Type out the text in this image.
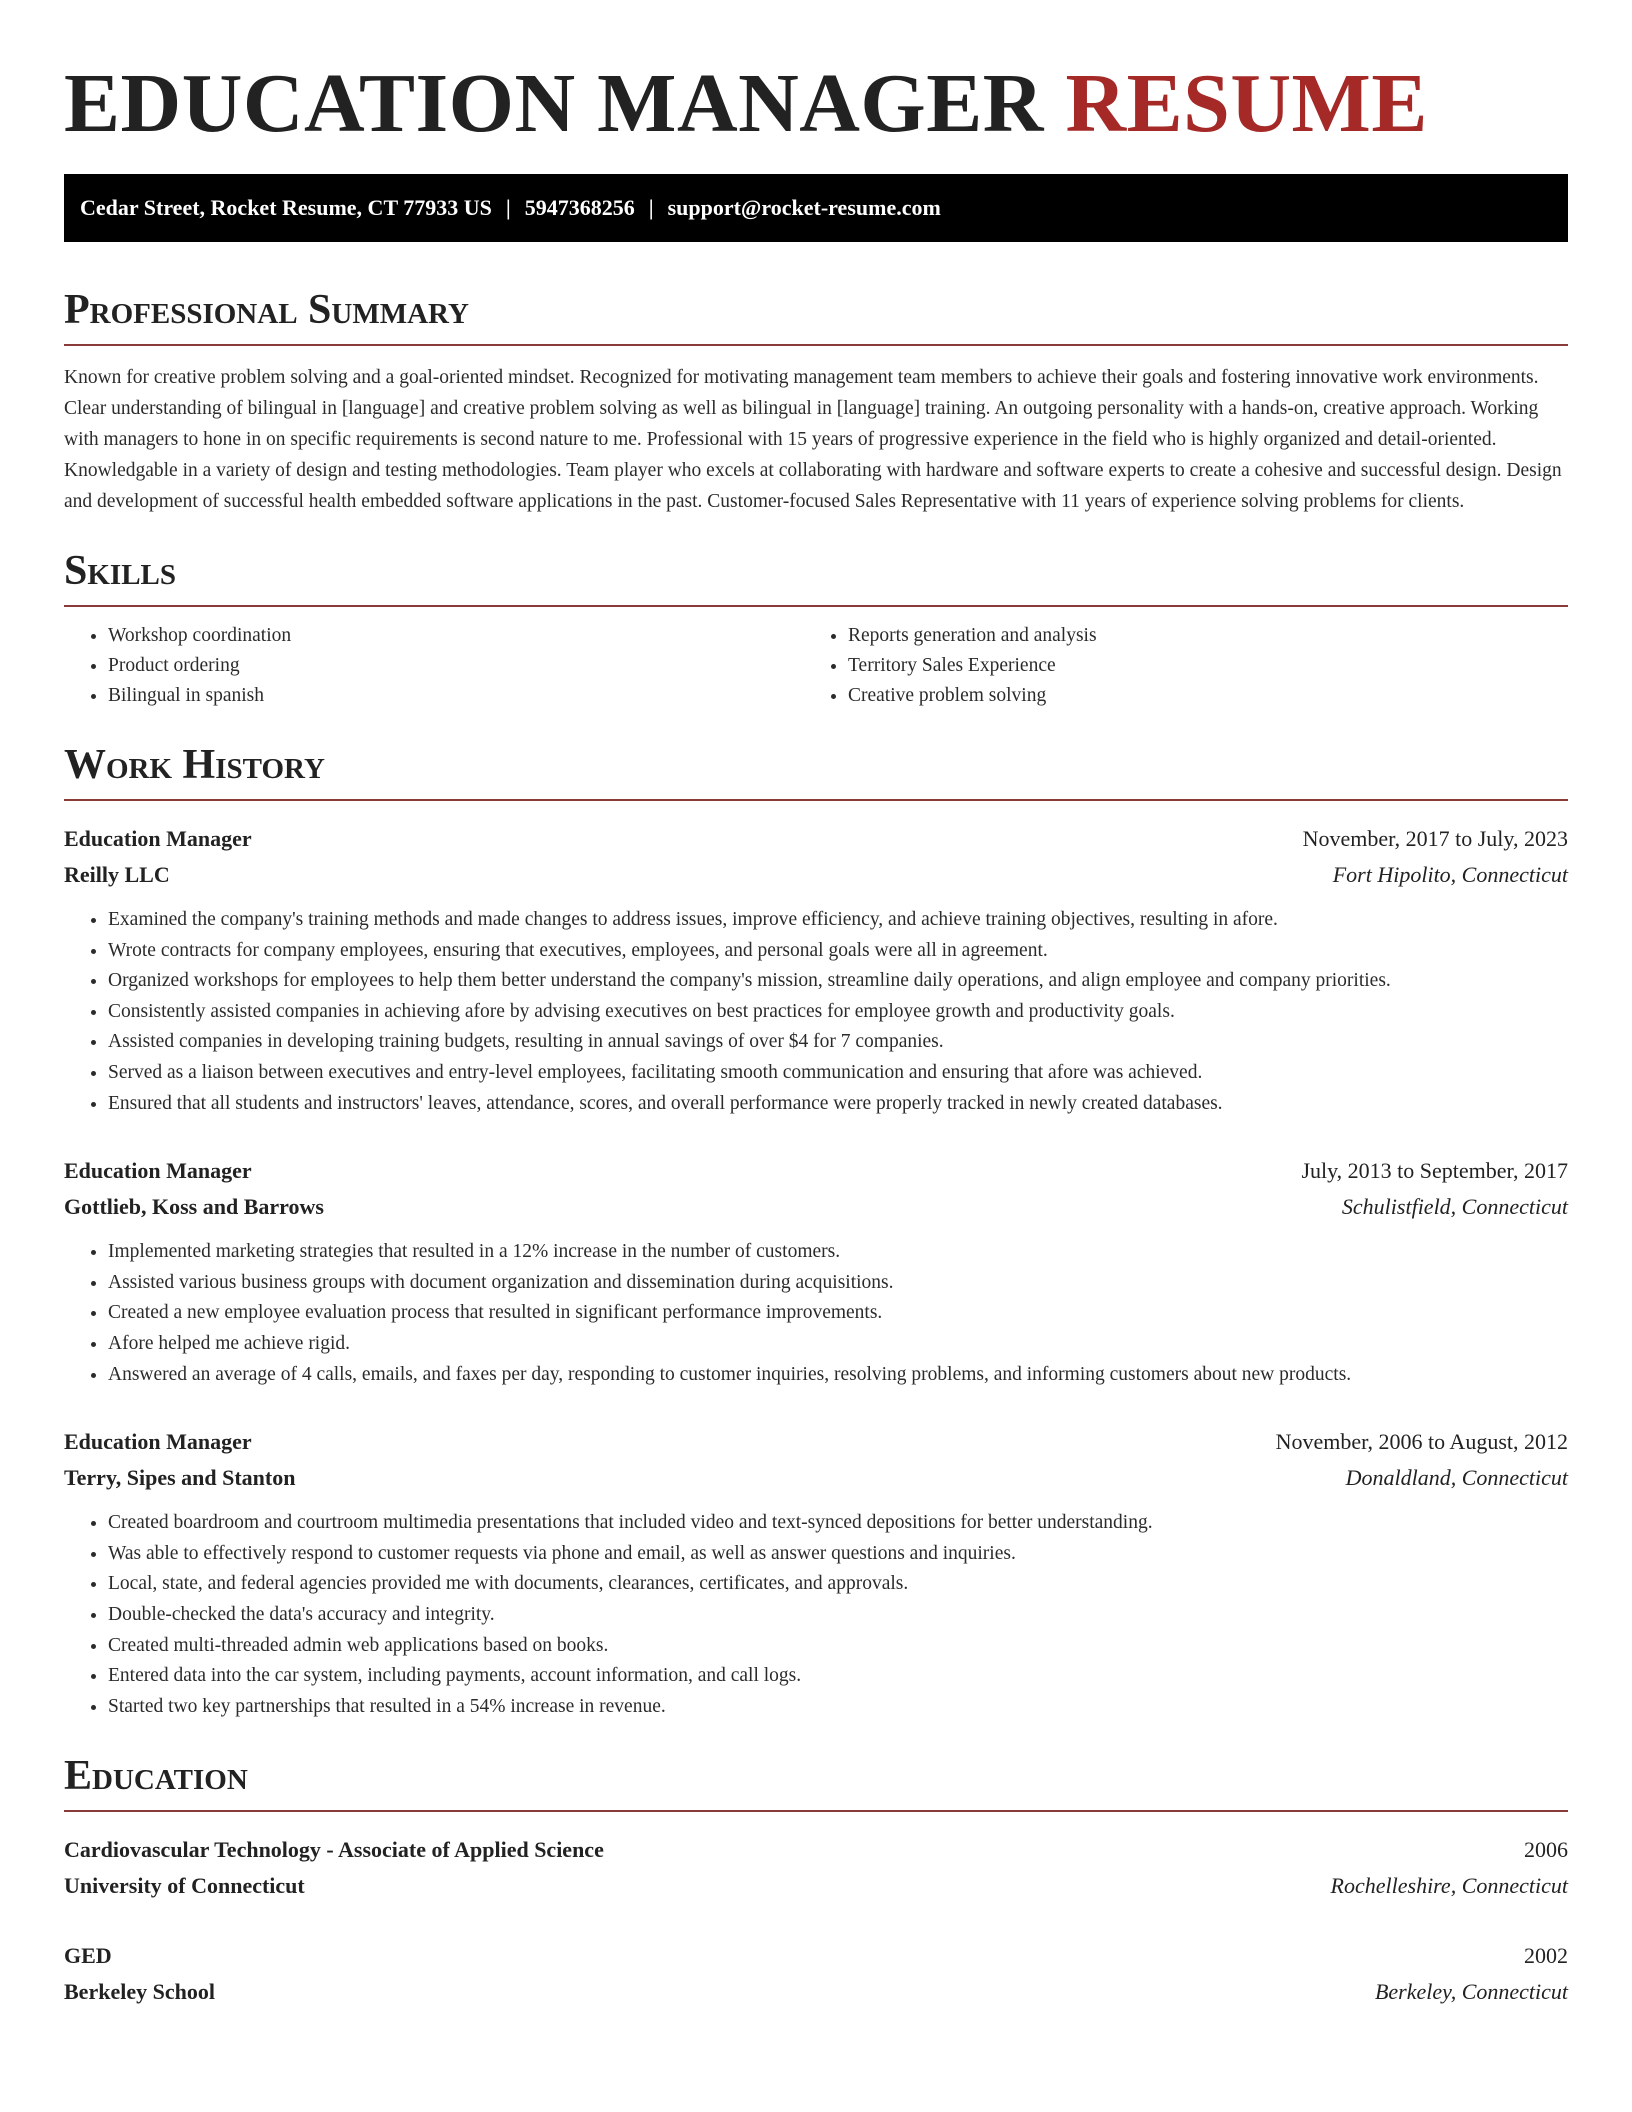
EDUCATION MANAGER RESUME
Cedar Street, Rocket Resume, CT 77933 US | 5947368256 | support@rocket-resume.com
Professional Summary

Known for creative problem solving and a goal-oriented mindset. Recognized for motivating management team members to achieve their goals and fostering innovative work environments. Clear understanding of bilingual in [language] and creative problem solving as well as bilingual in [language] training. An outgoing personality with a hands-on, creative approach. Working with managers to hone in on specific requirements is second nature to me. Professional with 15 years of progressive experience in the field who is highly organized and detail-oriented. Knowledgable in a variety of design and testing methodologies. Team player who excels at collaborating with hardware and software experts to create a cohesive and successful design. Design and development of successful health embedded software applications in the past. Customer-focused Sales Representative with 11 years of experience solving problems for clients.

Skills
• Workshop coordination
• Product ordering
• Bilingual in spanish
• Reports generation and analysis
• Territory Sales Experience
• Creative problem solving
Work History
Education Manager	November, 2017 to July, 2023
Reilly LLC	Fort Hipolito, Connecticut
• Examined the company's training methods and made changes to address issues, improve efficiency, and achieve training objectives, resulting in afore.
• Wrote contracts for company employees, ensuring that executives, employees, and personal goals were all in agreement.
• Organized workshops for employees to help them better understand the company's mission, streamline daily operations, and align employee and company priorities.
• Consistently assisted companies in achieving afore by advising executives on best practices for employee growth and productivity goals.
• Assisted companies in developing training budgets, resulting in annual savings of over $4 for 7 companies.
• Served as a liaison between executives and entry-level employees, facilitating smooth communication and ensuring that afore was achieved.
• Ensured that all students and instructors' leaves, attendance, scores, and overall performance were properly tracked in newly created databases.
Education Manager	July, 2013 to September, 2017
Gottlieb, Koss and Barrows	Schulistfield, Connecticut
• Implemented marketing strategies that resulted in a 12% increase in the number of customers.
• Assisted various business groups with document organization and dissemination during acquisitions.
• Created a new employee evaluation process that resulted in significant performance improvements.
• Afore helped me achieve rigid.
• Answered an average of 4 calls, emails, and faxes per day, responding to customer inquiries, resolving problems, and informing customers about new products.
Education Manager	November, 2006 to August, 2012
Terry, Sipes and Stanton	Donaldland, Connecticut
• Created boardroom and courtroom multimedia presentations that included video and text-synced depositions for better understanding.
• Was able to effectively respond to customer requests via phone and email, as well as answer questions and inquiries.
• Local, state, and federal agencies provided me with documents, clearances, certificates, and approvals.
• Double-checked the data's accuracy and integrity.
• Created multi-threaded admin web applications based on books.
• Entered data into the car system, including payments, account information, and call logs.
• Started two key partnerships that resulted in a 54% increase in revenue.
Education
Cardiovascular Technology - Associate of Applied Science	2006
University of Connecticut	Rochelleshire, Connecticut
GED	2002
Berkeley School	Berkeley, Connecticut
